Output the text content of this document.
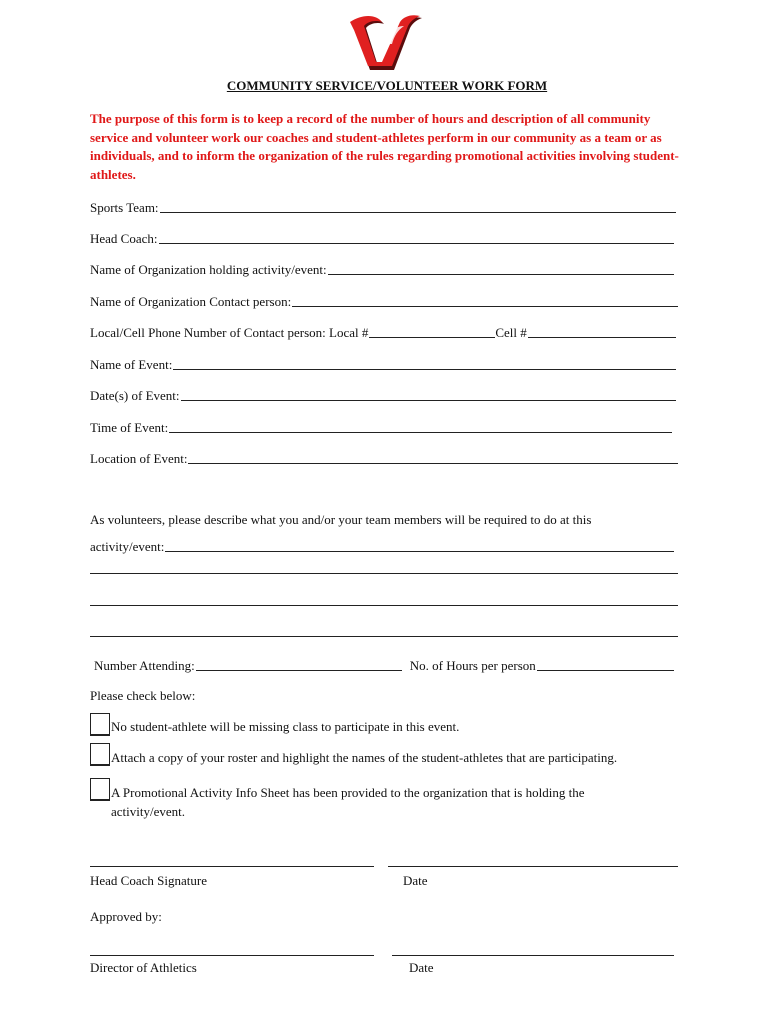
COMMUNITY SERVICE/VOLUNTEER WORK FORM
The purpose of this form is to keep a record of the number of hours and description of all community service and volunteer work our coaches and student-athletes perform in our community as a team or as individuals, and to inform the organization of the rules regarding promotional activities involving student-athletes.
Sports Team:
Head Coach:
Name of Organization holding activity/event:
Name of Organization Contact person:
Local/Cell Phone Number of Contact person: Local #	Cell #
Name of Event:
Date(s) of Event:
Time of Event:
Location of Event:
As volunteers, please describe what you and/or your team members will be required to do at this
activity/event:
Number Attending:	No. of Hours per person
Please check below:
No student-athlete will be missing class to participate in this event.
Attach a copy of your roster and highlight the names of the student-athletes that are participating.
A Promotional Activity Info Sheet has been provided to the organization that is holding the activity/event.
Head Coach Signature	Date
Approved by:
Director of Athletics	Date
